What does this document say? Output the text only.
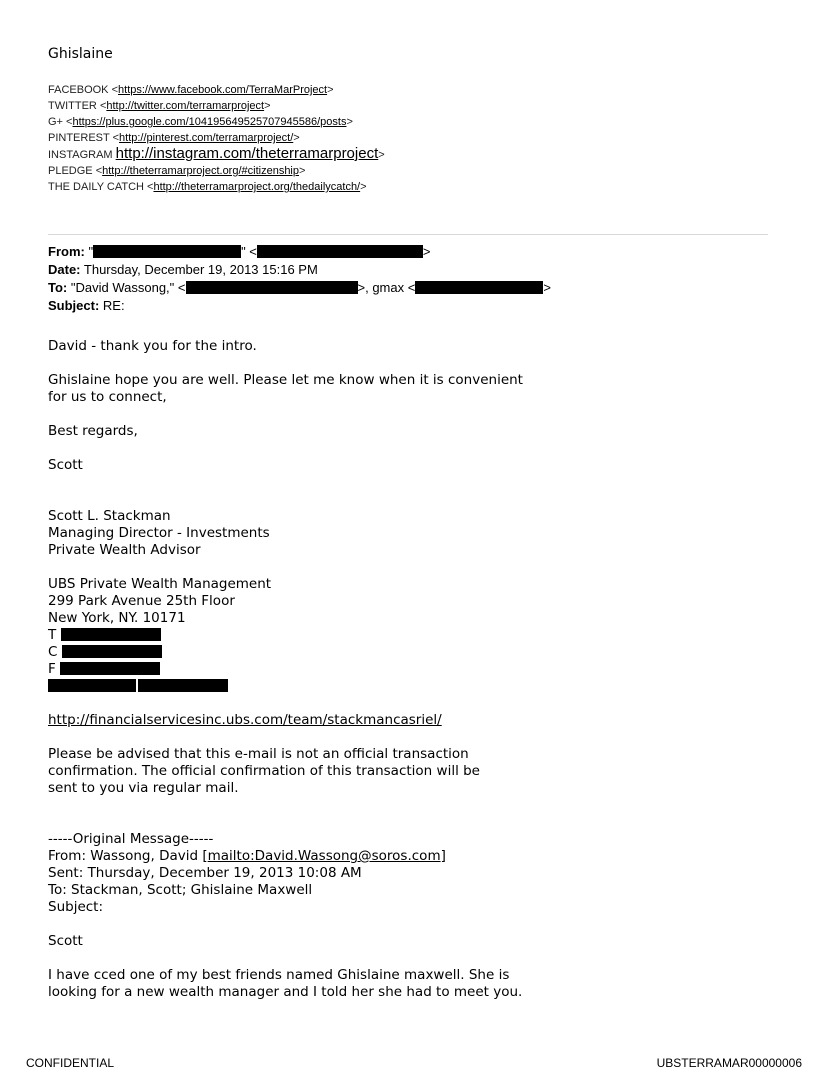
Ghislaine
FACEBOOK <https://www.facebook.com/TerraMarProject>
TWITTER <http://twitter.com/terramarproject>
G+ <https://plus.google.com/104195649525707945586/posts>
PINTEREST <http://pinterest.com/terramarproject/>
INSTAGRAM http://instagram.com/theterramarproject>
PLEDGE <http://theterramarproject.org/#citizenship>
THE DAILY CATCH <http://theterramarproject.org/thedailycatch/>
From: "	" <	>
Date: Thursday, December 19, 2013 15:16 PM
To: "David Wassong," <	>, gmax <	>
Subject: RE:

David - thank you for the intro.

Ghislaine hope you are well. Please let me know when it is convenient
for us to connect,

Best regards,

Scott

Scott L. Stackman
Managing Director - Investments
Private Wealth Advisor

UBS Private Wealth Management
299 Park Avenue 25th Floor
New York, NY. 10171

T
C
F

http://financialservicesinc.ubs.com/team/stackmancasriel/

Please be advised that this e-mail is not an official transaction
confirmation. The official confirmation of this transaction will be
sent to you via regular mail.

-----Original Message-----

From: Wassong, David [mailto:David.Wassong@soros.com]

Sent: Thursday, December 19, 2013 10:08 AM

To: Stackman, Scott; Ghislaine Maxwell

Subject:

Scott

I have cced one of my best friends named Ghislaine maxwell. She is
looking for a new wealth manager and I told her she had to meet you.

CONFIDENTIAL	UBSTERRAMAR00000006
